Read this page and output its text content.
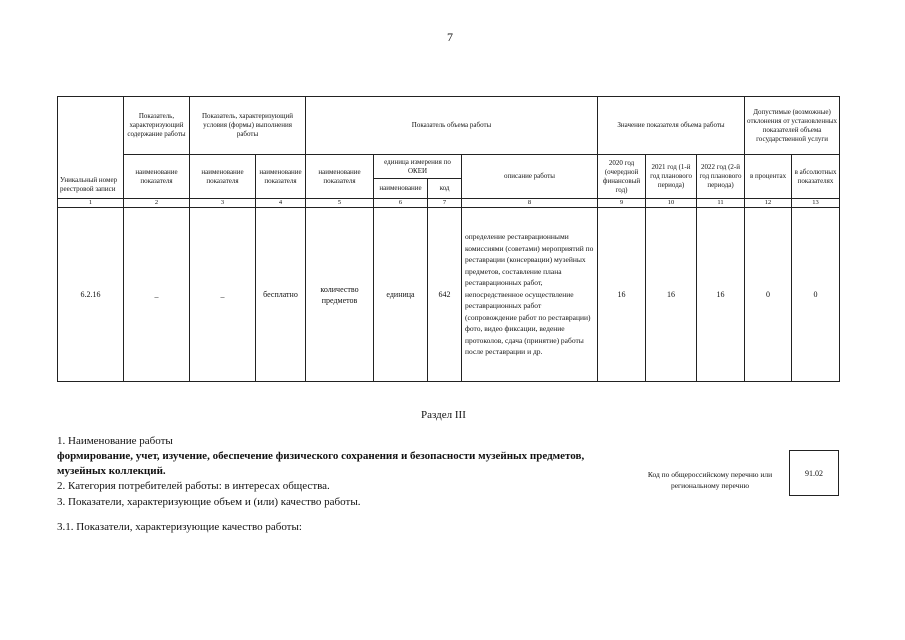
7
Уникальный номер реестровой записи	Показатель, характеризующий содержание работы	Показатель, характеризующий условия (формы) выполнения работы		Показатель объема работы				Значение показателя объема работы			Допустимые (возможные) отклонения от установленных показателей объема государственной услуги	
	наименование показателя	наименование показателя	наименование показателя	наименование показателя	единица измерения по ОКЕИ		описание работы	2020 год (очередной финансовый год)	2021 год (1-й год планового периода)	2022 год (2-й год планового периода)	в процентах	в абсолютных показателях
					наименование	код						
1	2	3	4	5	6	7	8	9	10	11	12	13
6.2.16	_	_	бесплатно	количество предметов	единица	642	определение реставрационными комиссиями (советами) мероприятий по реставрации (консервации) музейных предметов, составление плана реставрационных работ, непосредственное осуществление реставрационных работ (сопровождение работ по реставрации) фото, видео фиксации, ведение протоколов, сдача (принятие) работы после реставрации и др.	16	16	16	0	0
Раздел III
1. Наименование работы
формирование, учет, изучение, обеспечение физического сохранения и безопасности музейных предметов,
музейных коллекций.
2. Категория потребителей работы: в интересах общества.
3. Показатели, характеризующие объем и (или) качество работы.
3.1. Показатели, характеризующие качество работы:
Код по общероссийскому перечню или региональному перечню
91.02
